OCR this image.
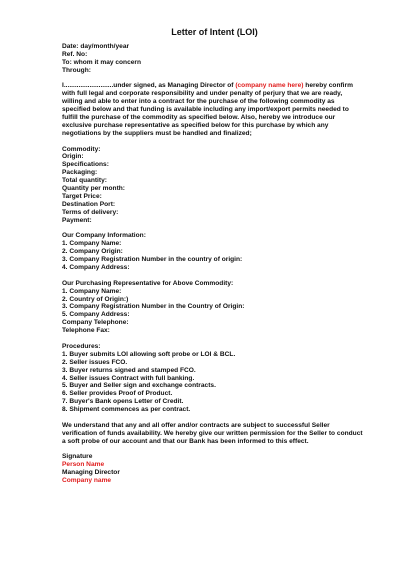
Letter of Intent (LOI)
Date: day/month/year
Ref. No:
To: whom it may concern
Through:
I...........................under signed, as Managing Director of (company name here) hereby confirm with full legal and corporate responsibility and under penalty of perjury that we are ready, willing and able to enter into a contract for the purchase of the following commodity as specified below and that funding is available including any import/export permits needed to fulfill the purchase of the commodity as specified below. Also, hereby we introduce our exclusive purchase representative as specified below for this purchase by which any negotiations by the suppliers must be handled and finalized;
Commodity:
Origin:
Specifications:
Packaging:
Total quantity:
Quantity per month:
Target Price:
Destination Port:
Terms of delivery:
Payment:
Our Company Information:
1. Company Name:
2. Company Origin:
3. Company Registration Number in the country of origin:
4. Company Address:
Our Purchasing Representative for Above Commodity:
1. Company Name:
2. Country of Origin:)
3. Company Registration Number in the Country of Origin:
5. Company Address:
Company Telephone:
Telephone Fax:
Procedures:
1. Buyer submits LOI allowing soft probe or LOI & BCL.
2. Seller issues FCO.
3. Buyer returns signed and stamped FCO.
4. Seller issues Contract with full banking.
5. Buyer and Seller sign and exchange contracts.
6. Seller provides Proof of Product.
7. Buyer's Bank opens Letter of Credit.
8. Shipment commences as per contract.
We understand that any and all offer and/or contracts are subject to successful Seller verification of funds availability. We hereby give our written permission for the Seller to conduct a soft probe of our account and that our Bank has been informed to this effect.
Signature
Person Name
Managing Director
Company name
